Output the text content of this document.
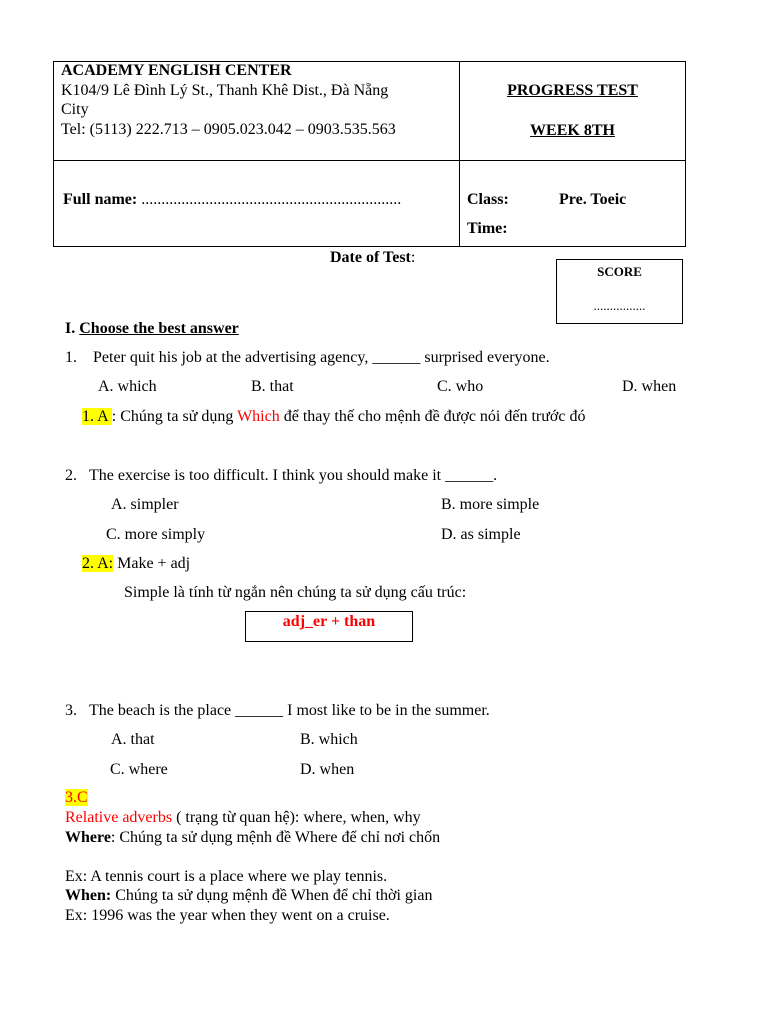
ACADEMY ENGLISH CENTER
K104/9 Lê Đình Lý St., Thanh Khê Dist., Đà Nẵng
City
Tel: (5113) 222.713 – 0905.023.042 – 0903.535.563
PROGRESS TEST
WEEK 8TH
Full name: .................................................................	Class:	Pre. Toeic
Time:
Date of Test:
SCORE
................
I. Choose the best answer
1. Peter quit his job at the advertising agency, ______ surprised everyone.
A. which	B. that	C. who	D. when
1. A : Chúng ta sử dụng Which để thay thế cho mệnh đề được nói đến trước đó
2. The exercise is too difficult. I think you should make it ______.
A. simpler	B. more simple
C. more simply	D. as simple
2. A: Make + adj
Simple là tính từ ngắn nên chúng ta sử dụng cấu trúc:
adj_er + than
3. The beach is the place ______ I most like to be in the summer.
A. that	B. which
C. where	D. when
3.C
Relative adverbs ( trạng từ quan hệ): where, when, why
Where: Chúng ta sử dụng mệnh đề Where để chỉ nơi chốn
Ex: A tennis court is a place where we play tennis.
When: Chúng ta sử dụng mệnh đề When để chỉ thời gian
Ex: 1996 was the year when they went on a cruise.
